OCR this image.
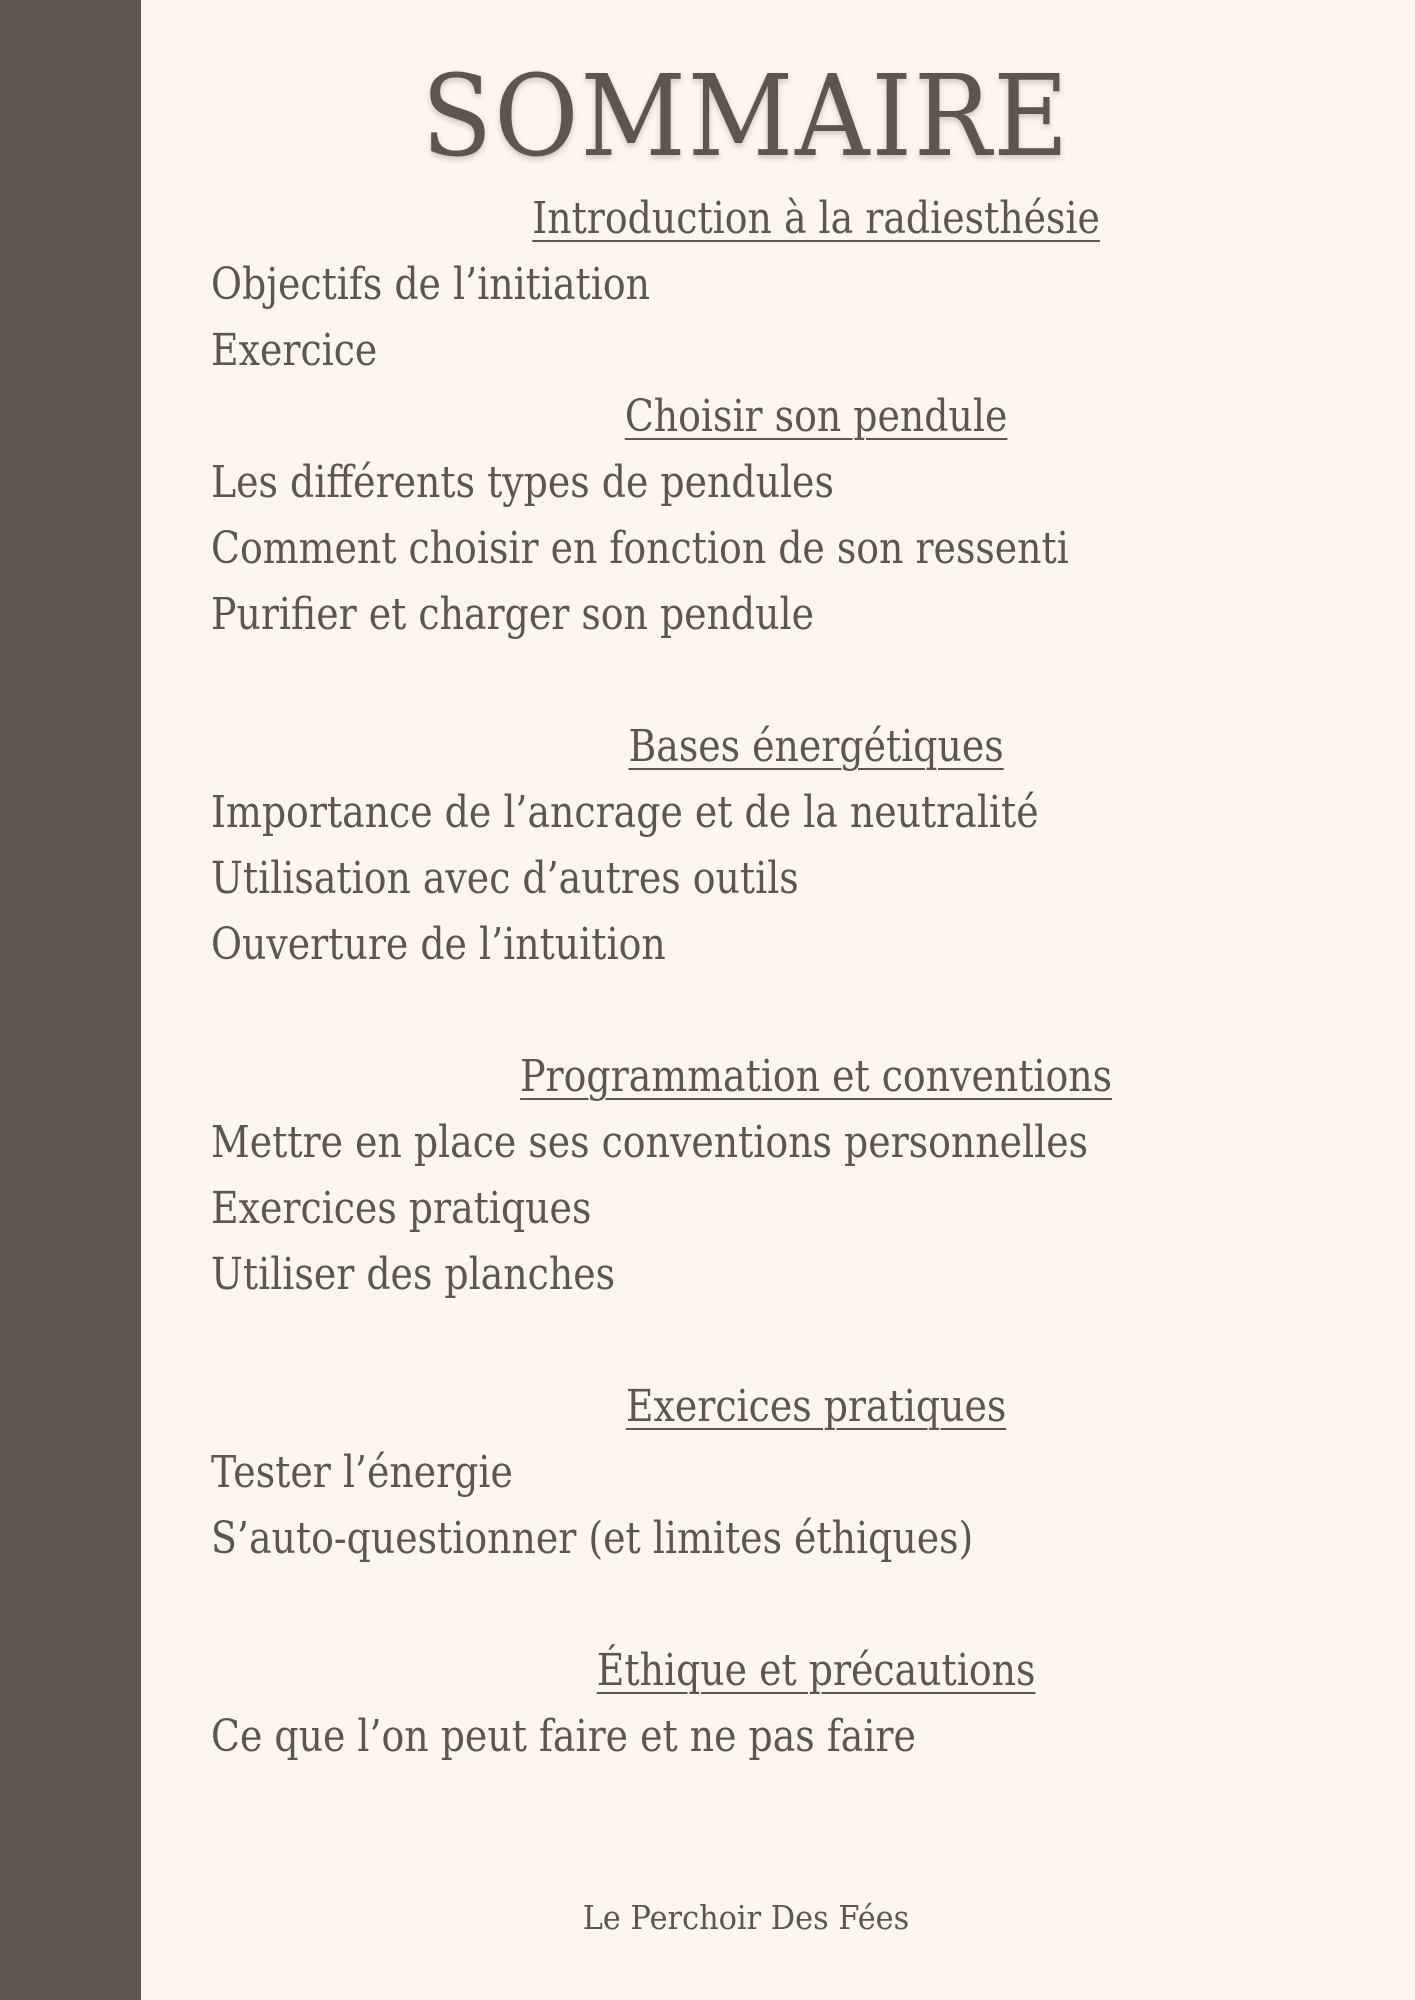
SOMMAIRE
Introduction à la radiesthésie
Objectifs de l’initiation
Exercice
Choisir son pendule
Les différents types de pendules
Comment choisir en fonction de son ressenti
Purifier et charger son pendule
Bases énergétiques
Importance de l’ancrage et de la neutralité
Utilisation avec d’autres outils
Ouverture de l’intuition
Programmation et conventions
Mettre en place ses conventions personnelles
Exercices pratiques
Utiliser des planches
Exercices pratiques
Tester l’énergie
S’auto-questionner (et limites éthiques)
Éthique et précautions
Ce que l’on peut faire et ne pas faire
Le Perchoir Des Fées
